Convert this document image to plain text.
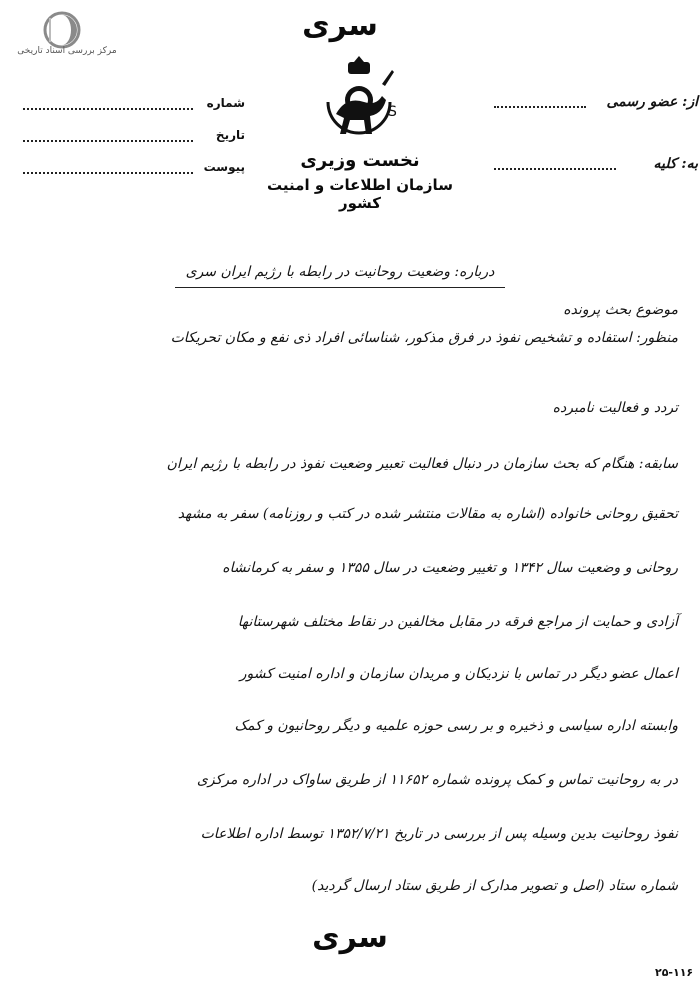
مرکز بررسی اسناد تاریخی
سری
S
نخست وزیری
سازمان اطلاعات و امنیت کشور
شماره
تاریخ
پیوست
از: عضو رسمی
به: کلیه
درباره: وضعیت روحانیت در رابطه با رژیم ایران سری
موضوع بحث پرونده
منظور: استفاده و تشخیص نفوذ در فرق مذکور، شناسائی افراد ذی نفع و مکان تحریکات
تردد و فعالیت نامبرده
سابقه: هنگام که بحث سازمان در دنبال فعالیت تعبیر وضعیت نفوذ در رابطه با رژیم ایران
تحقیق روحانی خانواده (اشاره به مقالات منتشر شده در کتب و روزنامه) سفر به مشهد
روحانی و وضعیت سال ۱۳۴۲ و تغییر وضعیت در سال ۱۳۵۵ و سفر به کرمانشاه
آزادی و حمایت از مراجع فرقه در مقابل مخالفین در نقاط مختلف شهرستانها
اعمال عضو دیگر در تماس با نزدیکان و مریدان سازمان و اداره امنیت کشور
وابسته اداره سیاسی و ذخیره و بر رسی حوزه علمیه و دیگر روحانیون و کمک
در به روحانیت تماس و کمک پرونده شماره ۱۱۶۵۲ از طریق ساواک در اداره مرکزی
نفوذ روحانیت بدین وسیله پس از بررسی در تاریخ ۱۳۵۲/۷/۲۱ توسط اداره اطلاعات
شماره ستاد (اصل و تصویر مدارک از طریق ستاد ارسال گردید)
سری
۲۵-۱۱۶
